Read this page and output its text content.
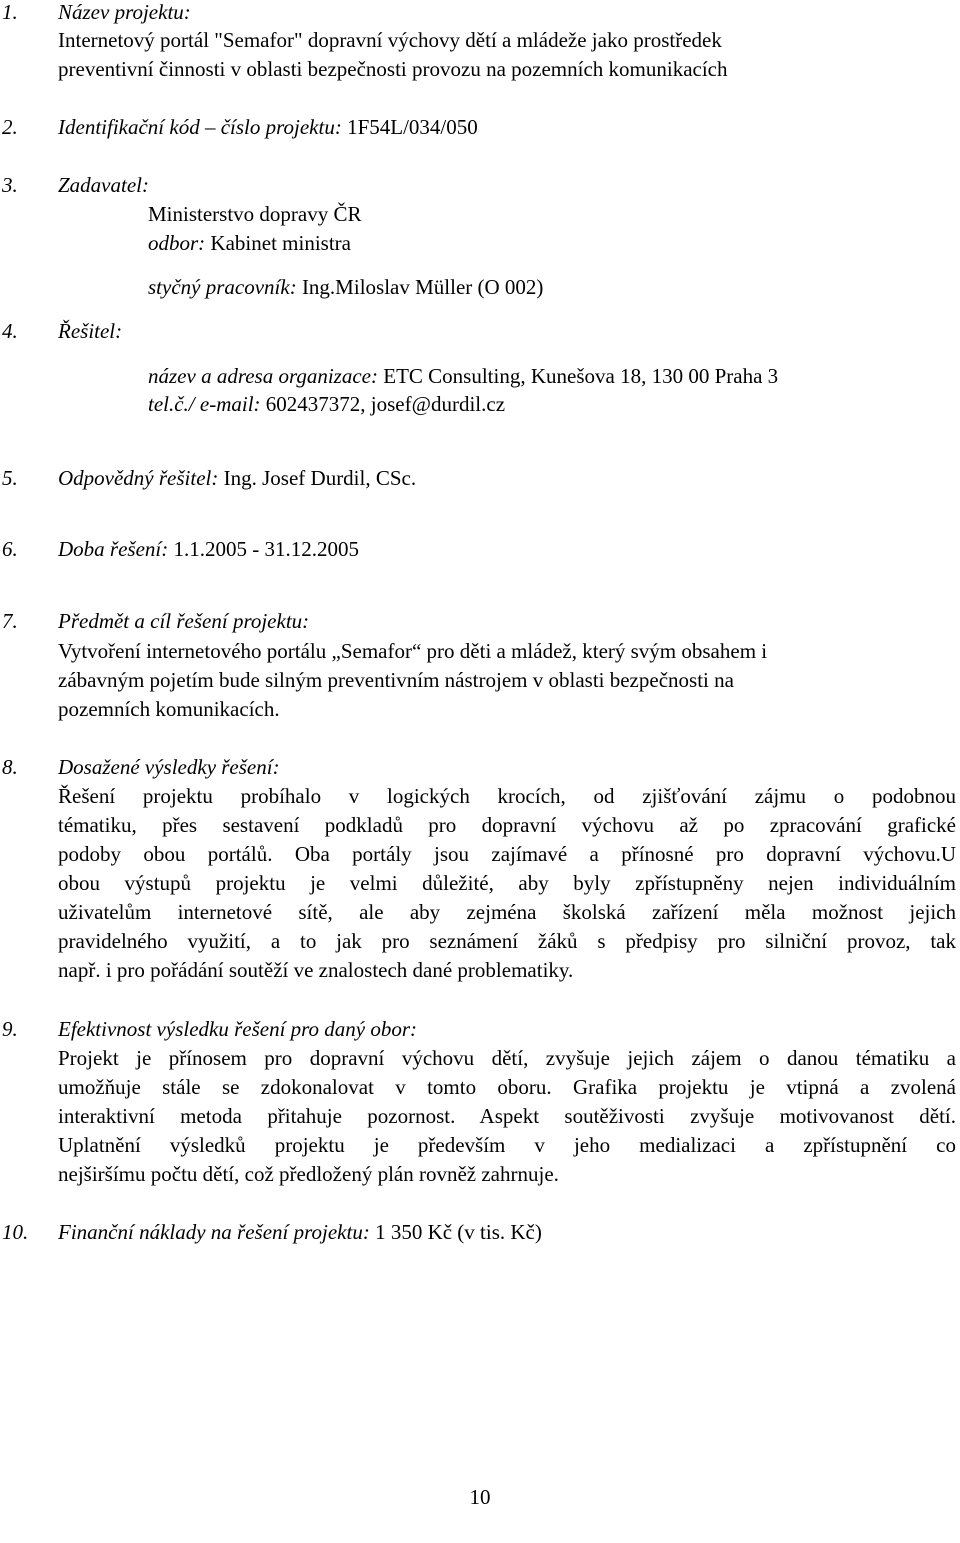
1. Název projektu:
Internetový portál "Semafor" dopravní výchovy dětí a mládeže jako prostředek
preventivní činnosti v oblasti bezpečnosti provozu na pozemních komunikacích
2. Identifikační kód – číslo projektu: 1F54L/034/050
3. Zadavatel:
Ministerstvo dopravy ČR
odbor: Kabinet ministra
styčný pracovník: Ing.Miloslav Müller (O 002)
4. Řešitel:
název a adresa organizace: ETC Consulting, Kunešova 18, 130 00 Praha 3
tel.č./ e-mail: 602437372, josef@durdil.cz
5. Odpovědný řešitel: Ing. Josef Durdil, CSc.
6. Doba řešení: 1.1.2005 - 31.12.2005
7. Předmět a cíl řešení projektu:
Vytvoření internetového portálu „Semafor“ pro děti a mládež, který svým obsahem i
zábavným pojetím bude silným preventivním nástrojem v oblasti bezpečnosti na
pozemních komunikacích.
8. Dosažené výsledky řešení:
Řešení projektu probíhalo v logických krocích, od zjišťování zájmu o podobnou
tématiku, přes sestavení podkladů pro dopravní výchovu až po zpracování grafické
podoby obou portálů. Oba portály jsou zajímavé a přínosné pro dopravní výchovu.U
obou výstupů projektu je velmi důležité, aby byly zpřístupněny nejen individuálním
uživatelům internetové sítě, ale aby zejména školská zařízení měla možnost jejich
pravidelného využití, a to jak pro seznámení žáků s předpisy pro silniční provoz, tak
např. i pro pořádání soutěží ve znalostech dané problematiky.
9. Efektivnost výsledku řešení pro daný obor:
Projekt je přínosem pro dopravní výchovu dětí, zvyšuje jejich zájem o danou tématiku a
umožňuje stále se zdokonalovat v tomto oboru. Grafika projektu je vtipná a zvolená
interaktivní metoda přitahuje pozornost. Aspekt soutěživosti zvyšuje motivovanost dětí.
Uplatnění výsledků projektu je především v jeho medializaci a zpřístupnění co
nejširšímu počtu dětí, což předložený plán rovněž zahrnuje.
10. Finanční náklady na řešení projektu: 1 350 Kč (v tis. Kč)
10
